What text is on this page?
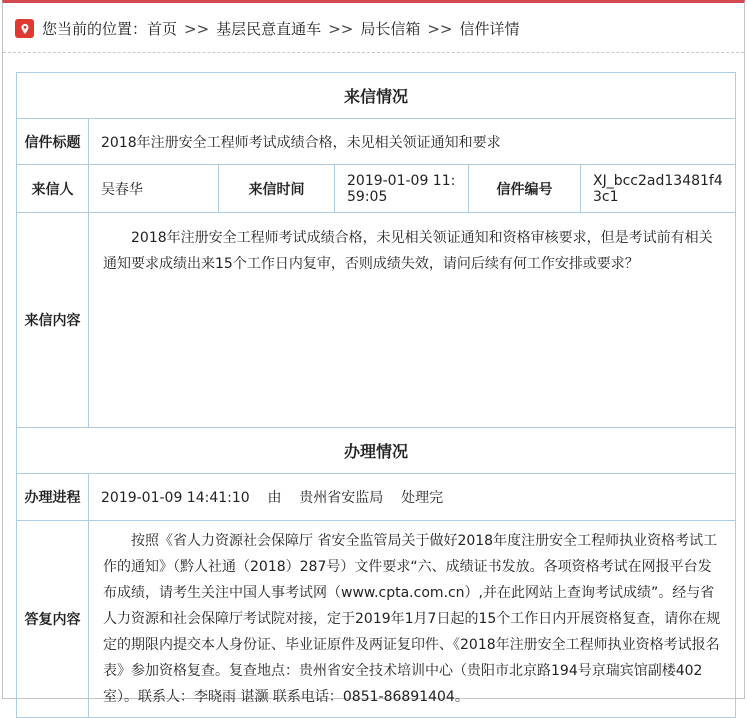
您当前的位置： 首页 >> 基层民意直通车 >> 局长信箱 >> 信件详情
来信情况					
信件标题	2018年注册安全工程师考试成绩合格，未见相关领证通知和要求				
来信人	吴春华	来信时间	2019-01-09 11:59:05	信件编号	XJ_bcc2ad13481f43c1
来信内容	2018年注册安全工程师考试成绩合格，未见相关领证通知和资格审核要求，但是考试前有相关通知要求成绩出来15个工作日内复审，否则成绩失效，请问后续有何工作安排或要求？				

办理情况					
办理进程	2019-01-09 14:41:10    由    贵州省安监局    处理完				
答复内容	按照《省人力资源社会保障厅 省安全监管局关于做好2018年度注册安全工程师执业资格考试工作的通知》（黔人社通（2018）287号）文件要求“六、成绩证书发放。各项资格考试在网报平台发布成绩，请考生关注中国人事考试网（www.cpta.com.cn）,并在此网站上查询考试成绩”。经与省人力资源和社会保障厅考试院对接，定于2019年1月7日起的15个工作日内开展资格复查，请你在规定的期限内提交本人身份证、毕业证原件及两证复印件、《2018年注册安全工程师执业资格考试报名表》参加资格复查。复查地点：贵州省安全技术培训中心（贵阳市北京路194号京瑞宾馆副楼402室）。联系人：李晓雨 谌灏 联系电话：0851-86891404。				
